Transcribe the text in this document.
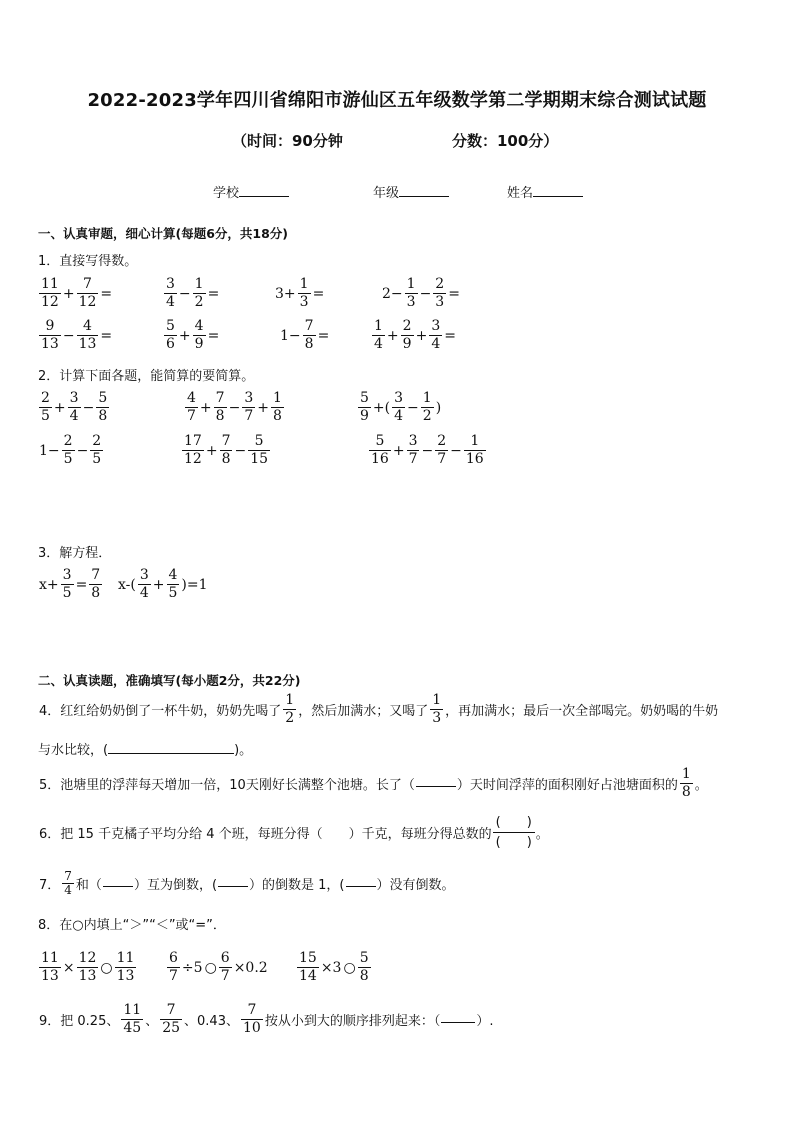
2022-2023学年四川省绵阳市游仙区五年级数学第二学期期末综合测试试题
（时间：90分钟	分数：100分）
学校	年级	姓名
一、认真审题，细心计算(每题6分，共18分)
1．直接写得数。
$\frac{11}{12} + \frac{7}{12}$ =	$\frac{3}{4} - \frac{1}{2}$ =	$3+ \frac{1}{3}$ =	$2- \frac{1}{3} - \frac{2}{3}$ =
$\frac{9}{13} - \frac{4}{13}$ =	$\frac{5}{6} + \frac{4}{9}$ =	$1- \frac{7}{8}$ =	$\frac{1}{4} + \frac{2}{9} + \frac{3}{4}$ =
2．计算下面各题，能简算的要简算。
$\frac{2}{5} + \frac{3}{4} - \frac{5}{8}$	$\frac{4}{7} + \frac{7}{8} - \frac{3}{7} + \frac{1}{8}$	$\frac{5}{9}$ +( $\frac{3}{4} - \frac{1}{2}$ )
$1- \frac{2}{5} - \frac{2}{5}$	$\frac{17}{12} + \frac{7}{8} - \frac{5}{15}$	$\frac{5}{16} + \frac{3}{7} - \frac{2}{7} - \frac{1}{16}$
3．解方程．
$x+ \frac{3}{5} = \frac{7}{8} x-( \frac{3}{4} + \frac{4}{5} )=1$
二、认真读题，准确填写(每小题2分，共22分)
4．红红给奶奶倒了一杯牛奶，奶奶先喝了 $\frac{1}{2}$ ，然后加满水；又喝了 $\frac{1}{3}$ ，再加满水；最后一次全部喝完。奶奶喝的牛奶
与水比较，(	)。
5．池塘里的浮萍每天增加一倍，10天刚好长满整个池塘。长了（	）天时间浮萍的面积刚好占池塘面积的 $\frac{1}{8}$ 。
6．把 15 千克橘子平均分给 4 个班，每班分得（　　）千克，每班分得总数的
(　　)
(　　)
。
7． $\frac{7}{4}$ 和（ ）互为倒数，( ）的倒数是 1，( ）没有倒数。
8．在○内填上“＞”“＜”或“=”．
$\frac{11}{13} \times \frac{12}{13}$ ○ $\frac{11}{13} \frac{6}{7} \div 5$ ○ $\frac{6}{7} \times 0.2 \frac{15}{14} \times 3$ ○ $\frac{5}{8}$
9．把 0.25、 $\frac{11}{45}$ 、 $\frac{7}{25}$ 、0.43、 $\frac{7}{10}$ 按从小到大的顺序排列起来：（	）.
